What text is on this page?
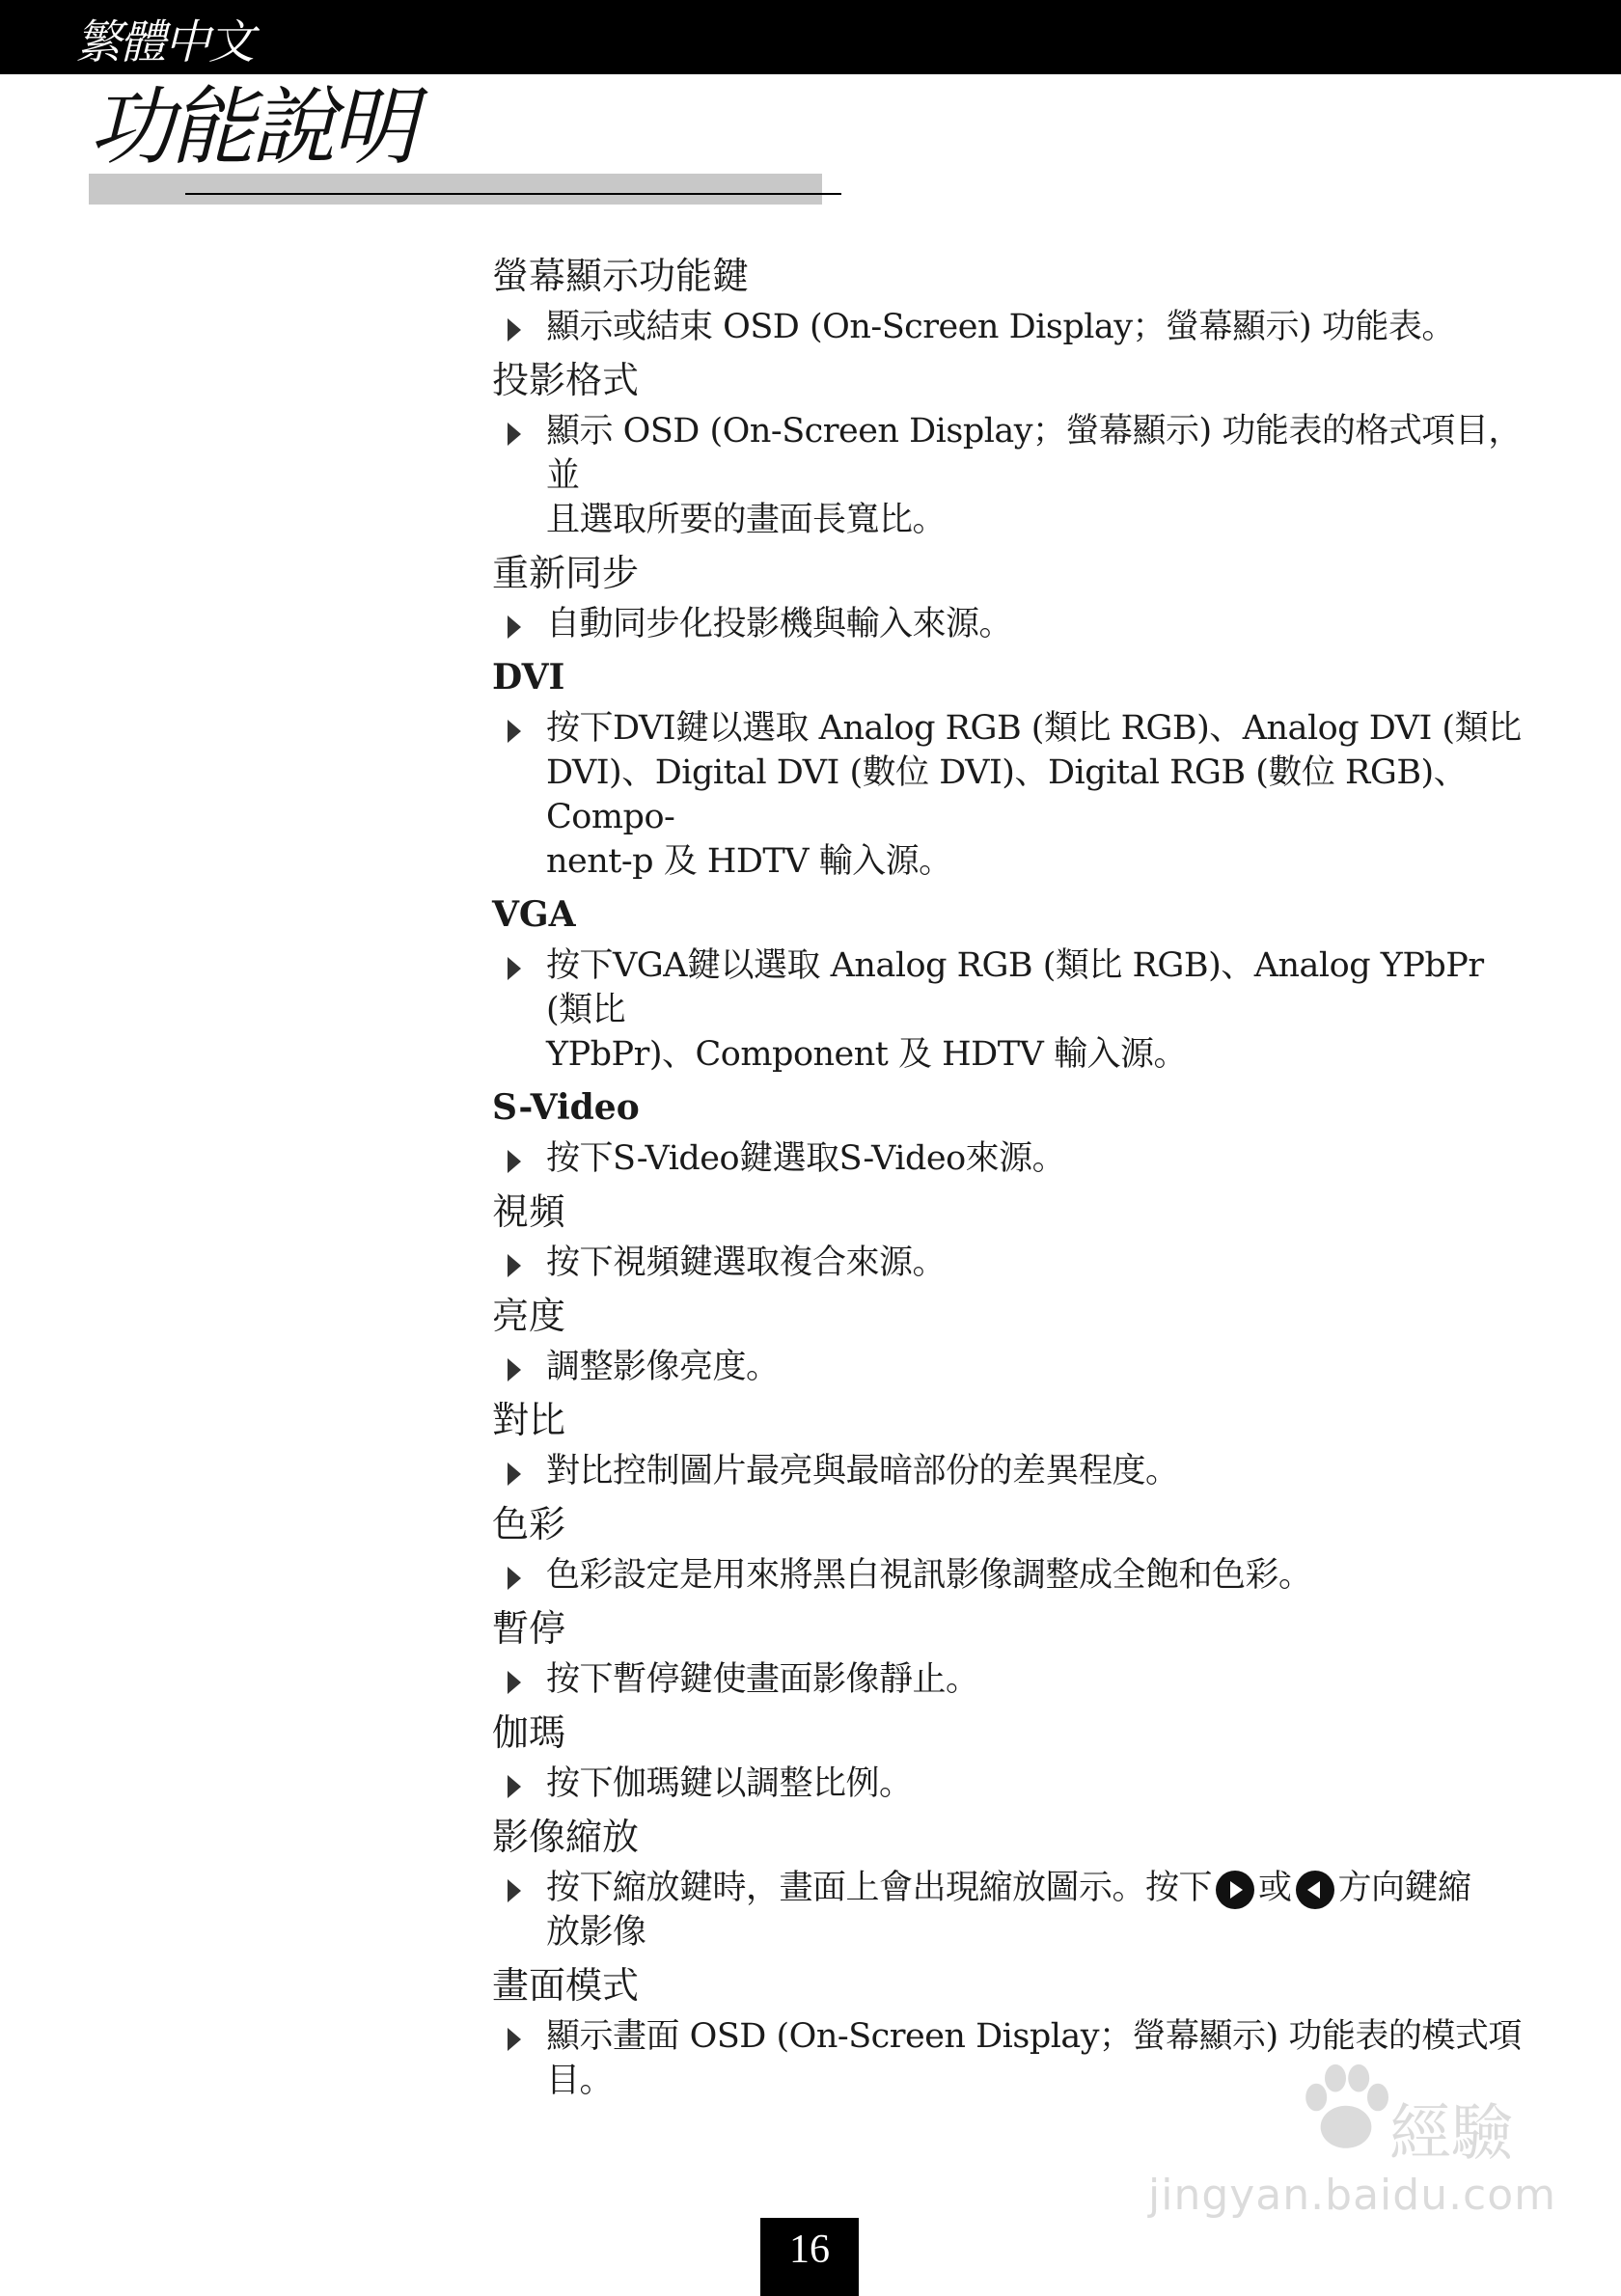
繁體中文
功能說明
螢幕顯示功能鍵
顯示或結束 OSD (On-Screen Display；螢幕顯示) 功能表。
投影格式
顯示 OSD (On-Screen Display；螢幕顯示) 功能表的格式項目，並
且選取所要的畫面長寬比。
重新同步
自動同步化投影機與輸入來源。
DVI
按下DVI鍵以選取 Analog RGB (類比 RGB)、Analog DVI (類比
DVI)、Digital DVI (數位 DVI)、Digital RGB (數位 RGB)、Compo-
nent-p 及 HDTV 輸入源。
VGA
按下VGA鍵以選取 Analog RGB (類比 RGB)、Analog YPbPr (類比
YPbPr)、Component 及 HDTV 輸入源。
S-Video
按下S-Video鍵選取S-Video來源。
視頻
按下視頻鍵選取複合來源。
亮度
調整影像亮度。
對比
對比控制圖片最亮與最暗部份的差異程度。
色彩
色彩設定是用來將黑白視訊影像調整成全飽和色彩。
暫停
按下暫停鍵使畫面影像靜止。
伽瑪
按下伽瑪鍵以調整比例。
影像縮放
按下縮放鍵時，畫面上會出現縮放圖示。按下 或 方向鍵縮
放影像
畫面模式
顯示畫面 OSD (On-Screen Display；螢幕顯示) 功能表的模式項
目。
經驗
jingyan.baidu.com
16
